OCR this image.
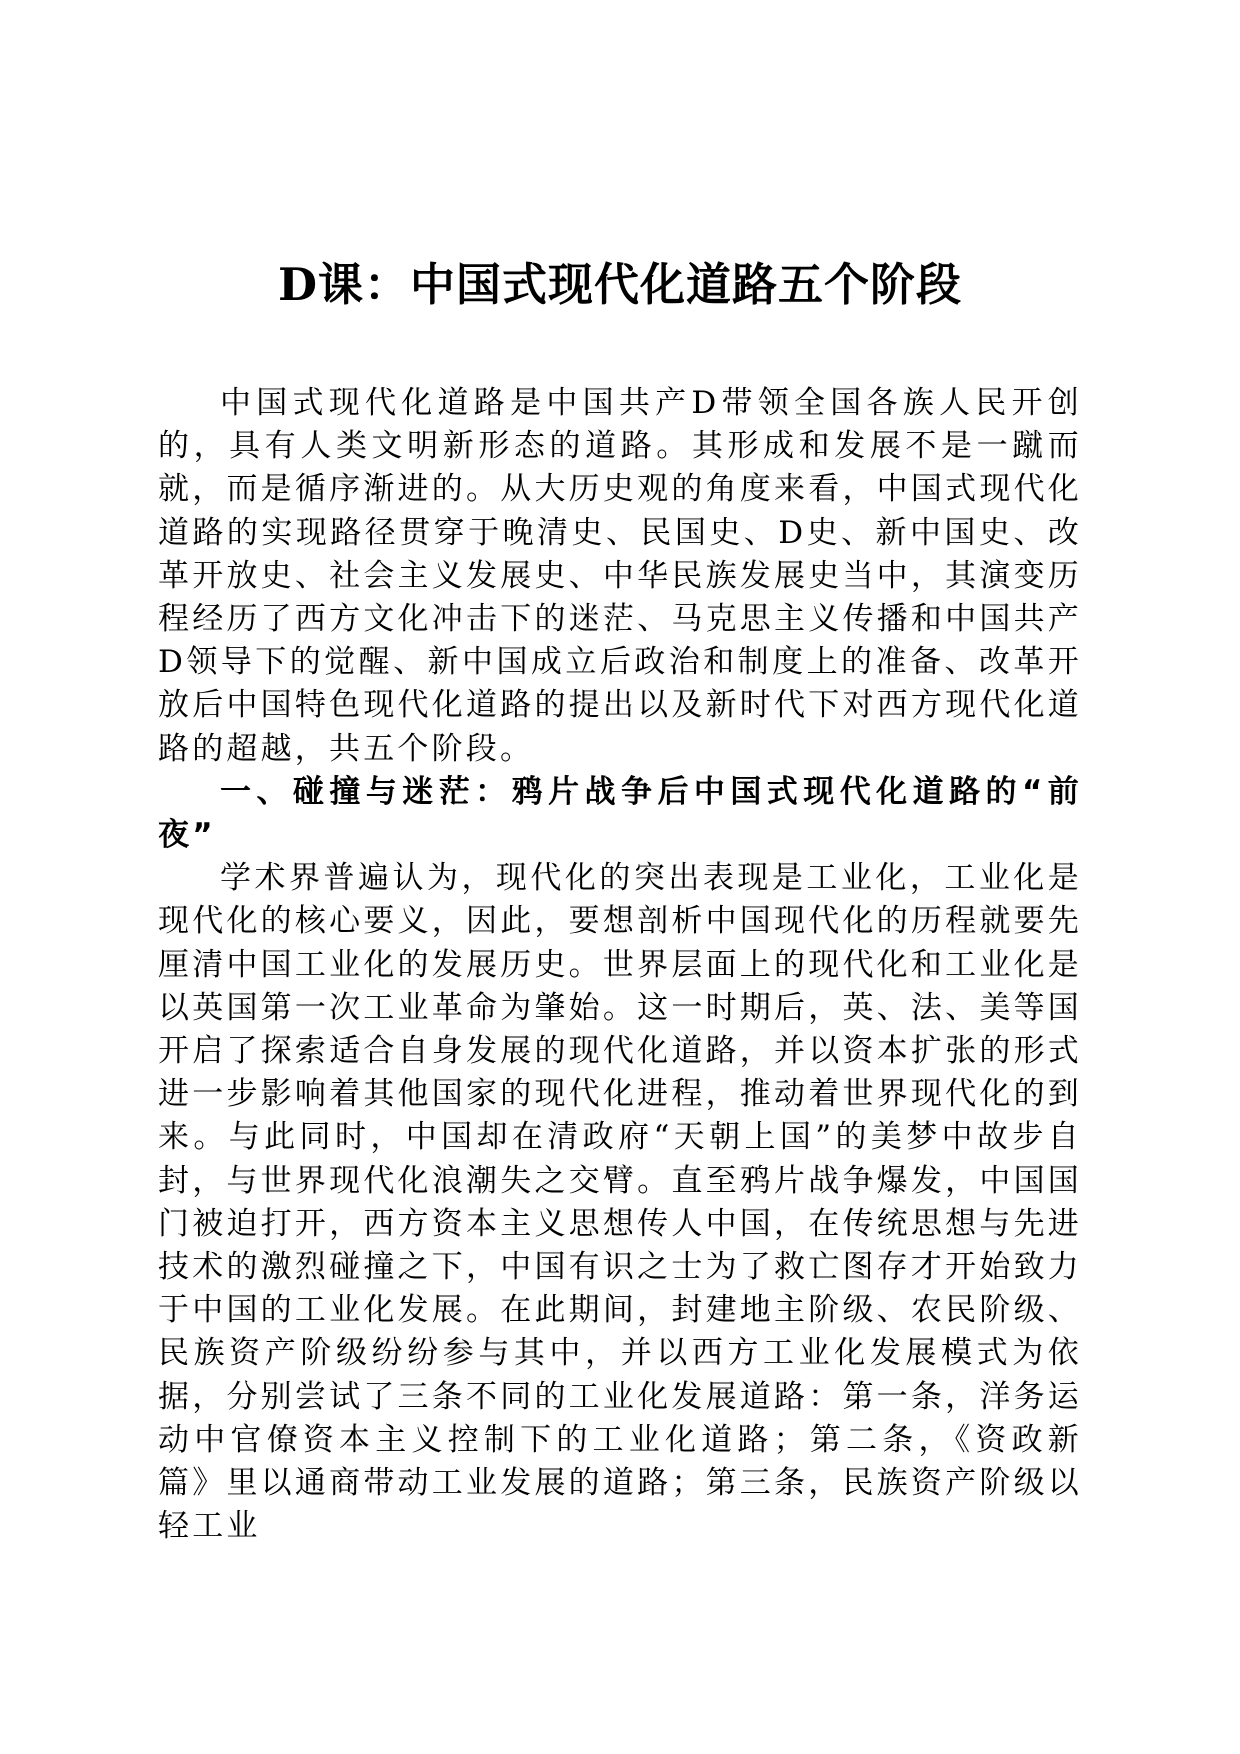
D课：中国式现代化道路五个阶段

中国式现代化道路是中国共产D带领全国各族人民开创的，具有人类文明新形态的道路。其形成和发展不是一蹴而就，而是循序渐进的。从大历史观的角度来看，中国式现代化道路的实现路径贯穿于晚清史、民国史、D史、新中国史、改革开放史、社会主义发展史、中华民族发展史当中，其演变历程经历了西方文化冲击下的迷茫、马克思主义传播和中国共产D领导下的觉醒、新中国成立后政治和制度上的准备、改革开放后中国特色现代化道路的提出以及新时代下对西方现代化道路的超越，共五个阶段。

一、碰撞与迷茫：鸦片战争后中国式现代化道路的“前夜”

学术界普遍认为，现代化的突出表现是工业化，工业化是现代化的核心要义，因此，要想剖析中国现代化的历程就要先厘清中国工业化的发展历史。世界层面上的现代化和工业化是以英国第一次工业革命为肇始。这一时期后，英、法、美等国开启了探索适合自身发展的现代化道路，并以资本扩张的形式进一步影响着其他国家的现代化进程，推动着世界现代化的到来。与此同时，中国却在清政府“天朝上国”的美梦中故步自封，与世界现代化浪潮失之交臂。直至鸦片战争爆发，中国国门被迫打开，西方资本主义思想传人中国，在传统思想与先进技术的激烈碰撞之下，中国有识之士为了救亡图存才开始致力于中国的工业化发展。在此期间，封建地主阶级、农民阶级、民族资产阶级纷纷参与其中，并以西方工业化发展模式为依据，分别尝试了三条不同的工业化发展道路：第一条，洋务运动中官僚资本主义控制下的工业化道路；第二条，《资政新篇》里以通商带动工业发展的道路；第三条，民族资产阶级以轻工业
